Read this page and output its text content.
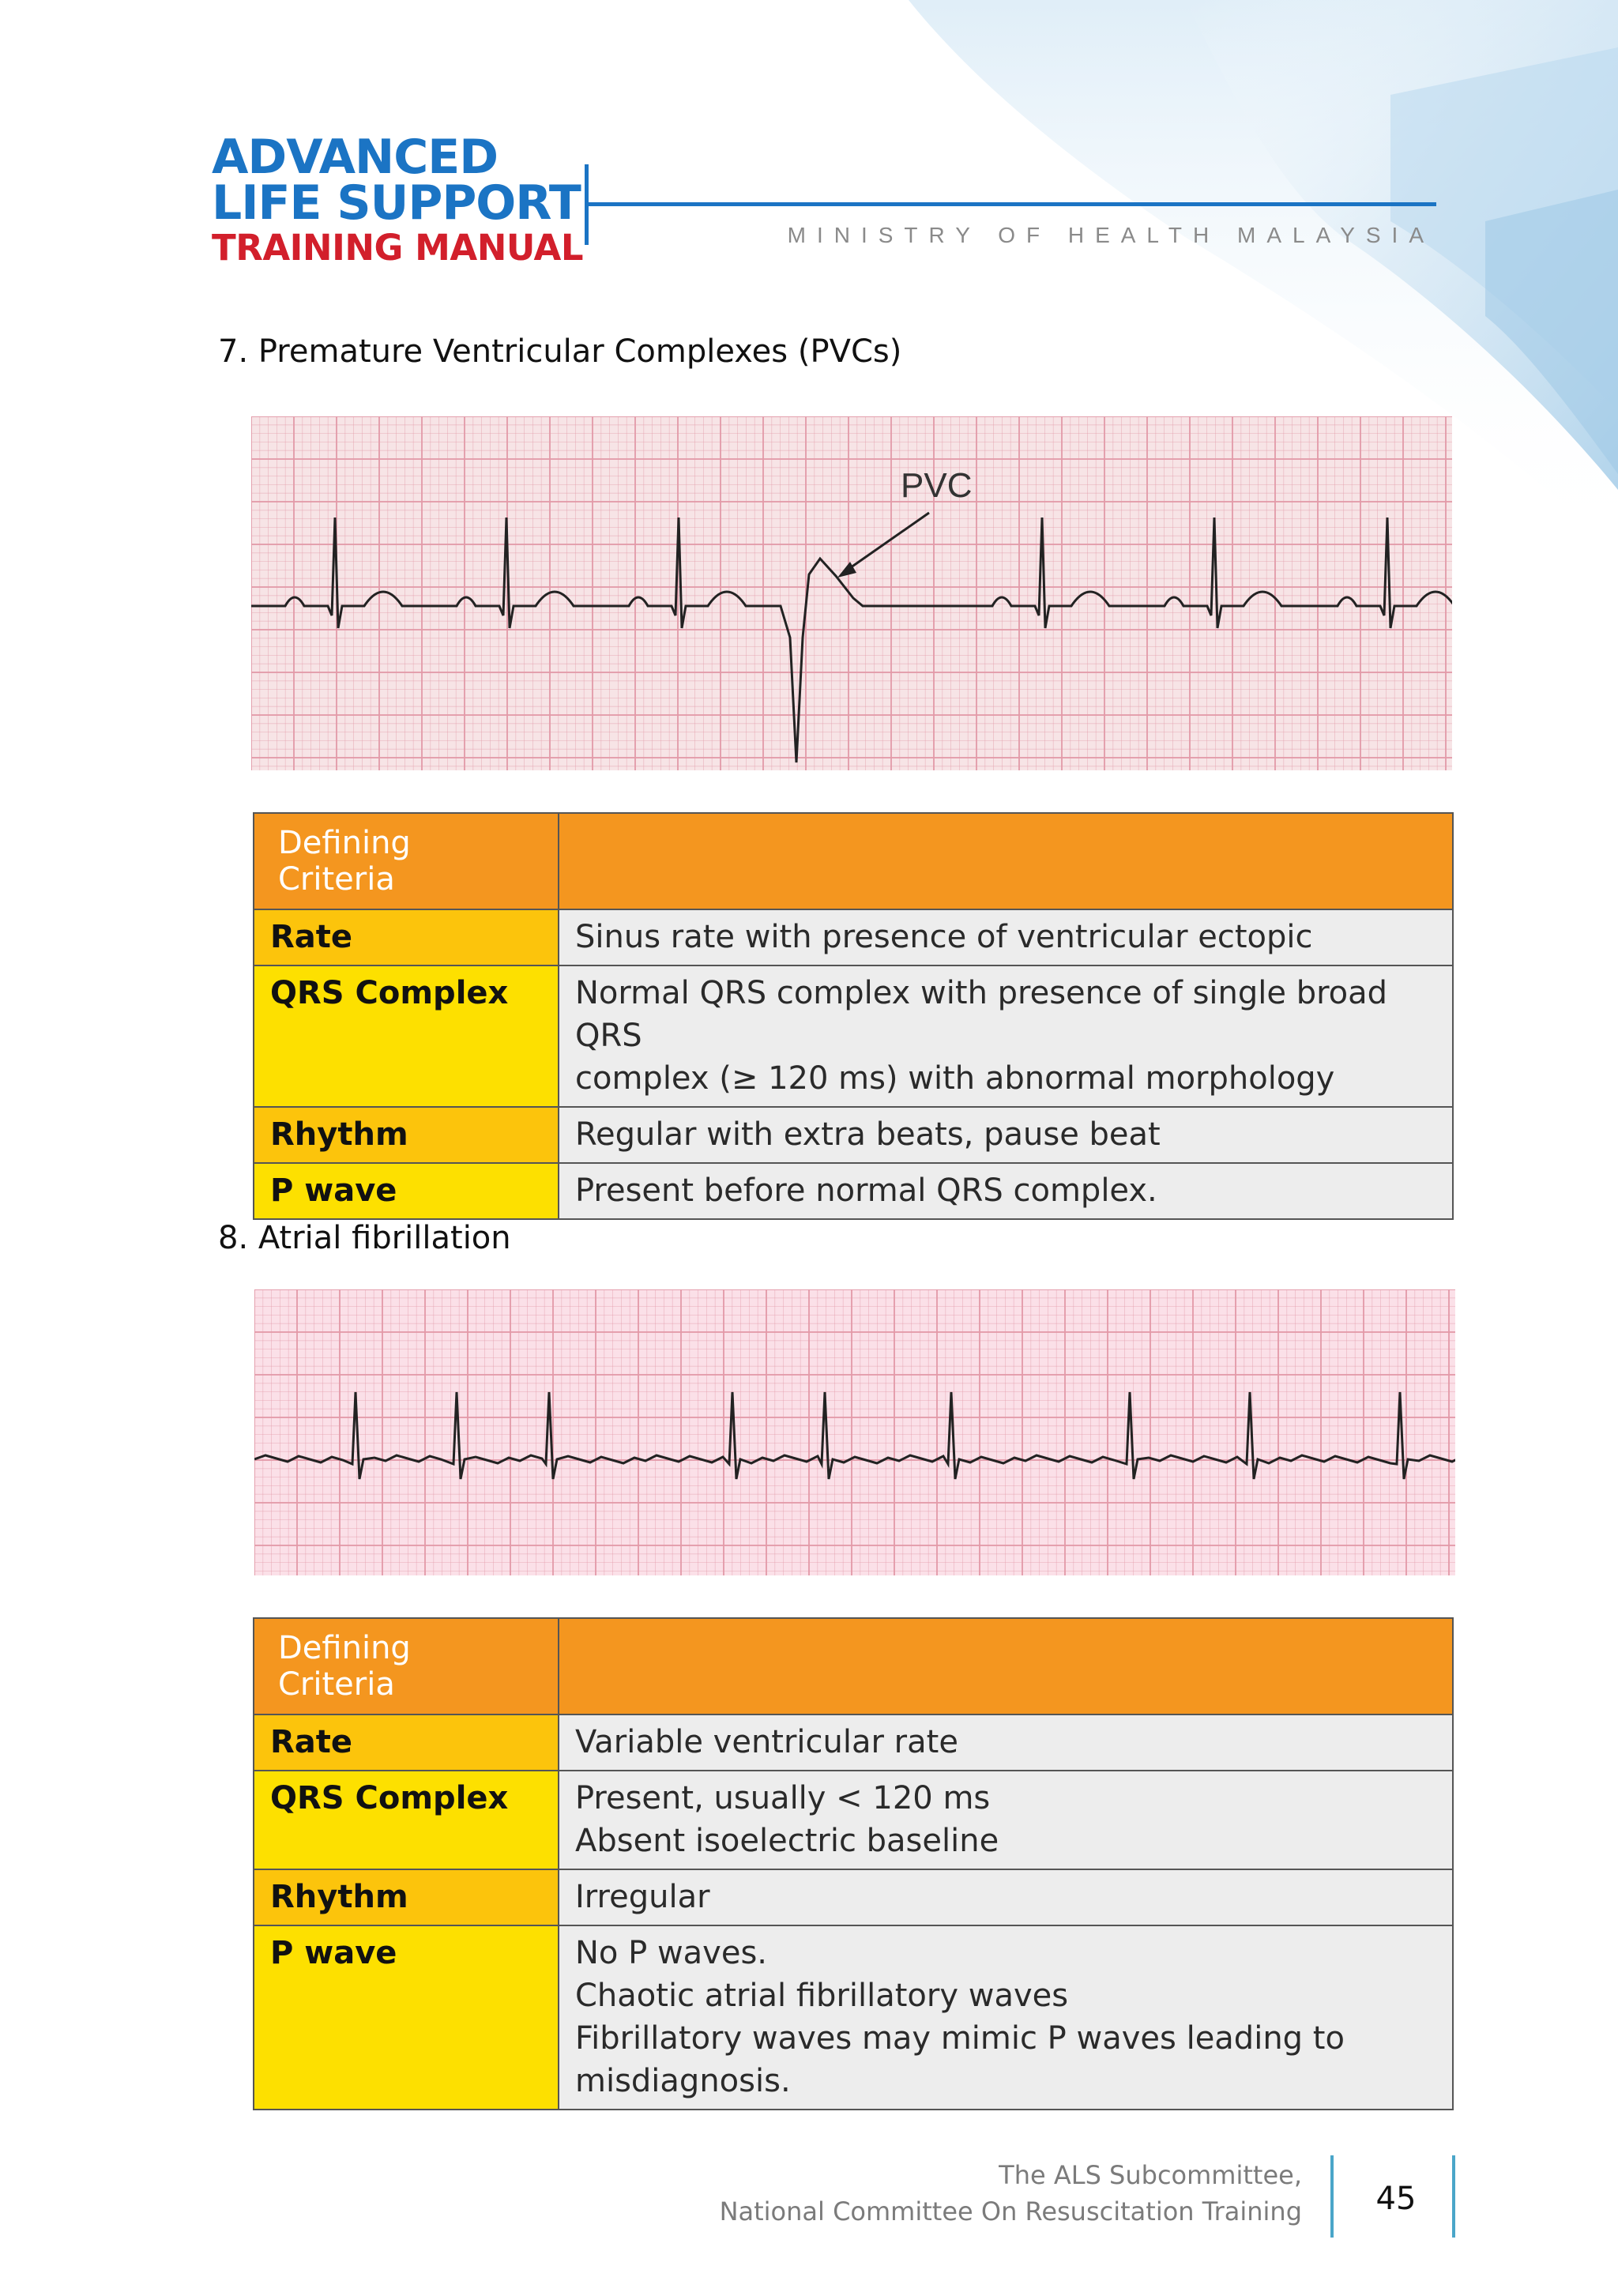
ADVANCED
LIFE SUPPORT
TRAINING MANUAL	MINISTRY OF HEALTH MALAYSIA
7. Premature Ventricular Complexes (PVCs)
PVC
Defining Criteria	
Rate	Sinus rate with presence of ventricular ectopic

QRS Complex	Normal QRS complex with presence of single broad QRS
complex (≥ 120 ms) with abnormal morphology

Rhythm	Regular with extra beats, pause beat

P wave	Present before normal QRS complex.
8. Atrial fibrillation
Defining Criteria	
Rate	Variable ventricular rate

QRS Complex	Present, usually < 120 ms
Absent isoelectric baseline

Rhythm	Irregular

P wave	No P waves.
Chaotic atrial fibrillatory waves
Fibrillatory waves may mimic P waves leading to
misdiagnosis.
The ALS Subcommittee,
National Committee On Resuscitation Training	45
